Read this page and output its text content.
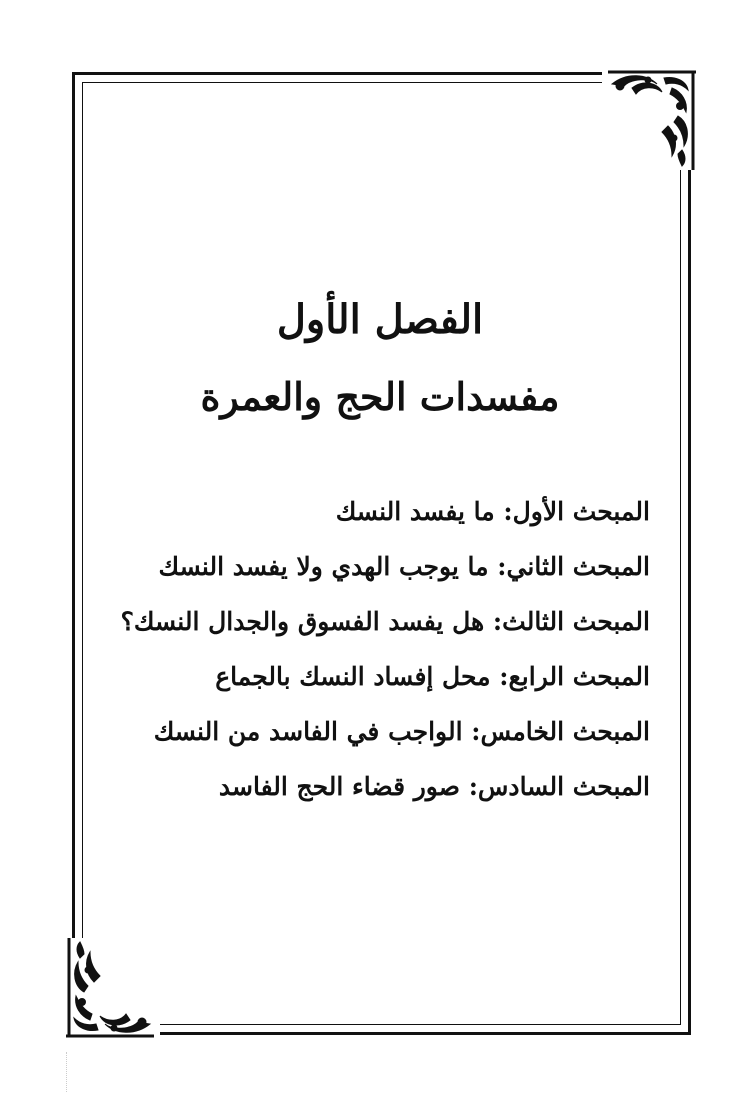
الفصل الأول
مفسدات الحج والعمرة
المبحث الأول:ما يفسد النسك
المبحث الثاني:ما يوجب الهدي ولا يفسد النسك
المبحث الثالث:هل يفسد الفسوق والجدال النسك؟
المبحث الرابع:محل إفساد النسك بالجماع
المبحث الخامس:الواجب في الفاسد من النسك
المبحث السادس:صور قضاء الحج الفاسد
